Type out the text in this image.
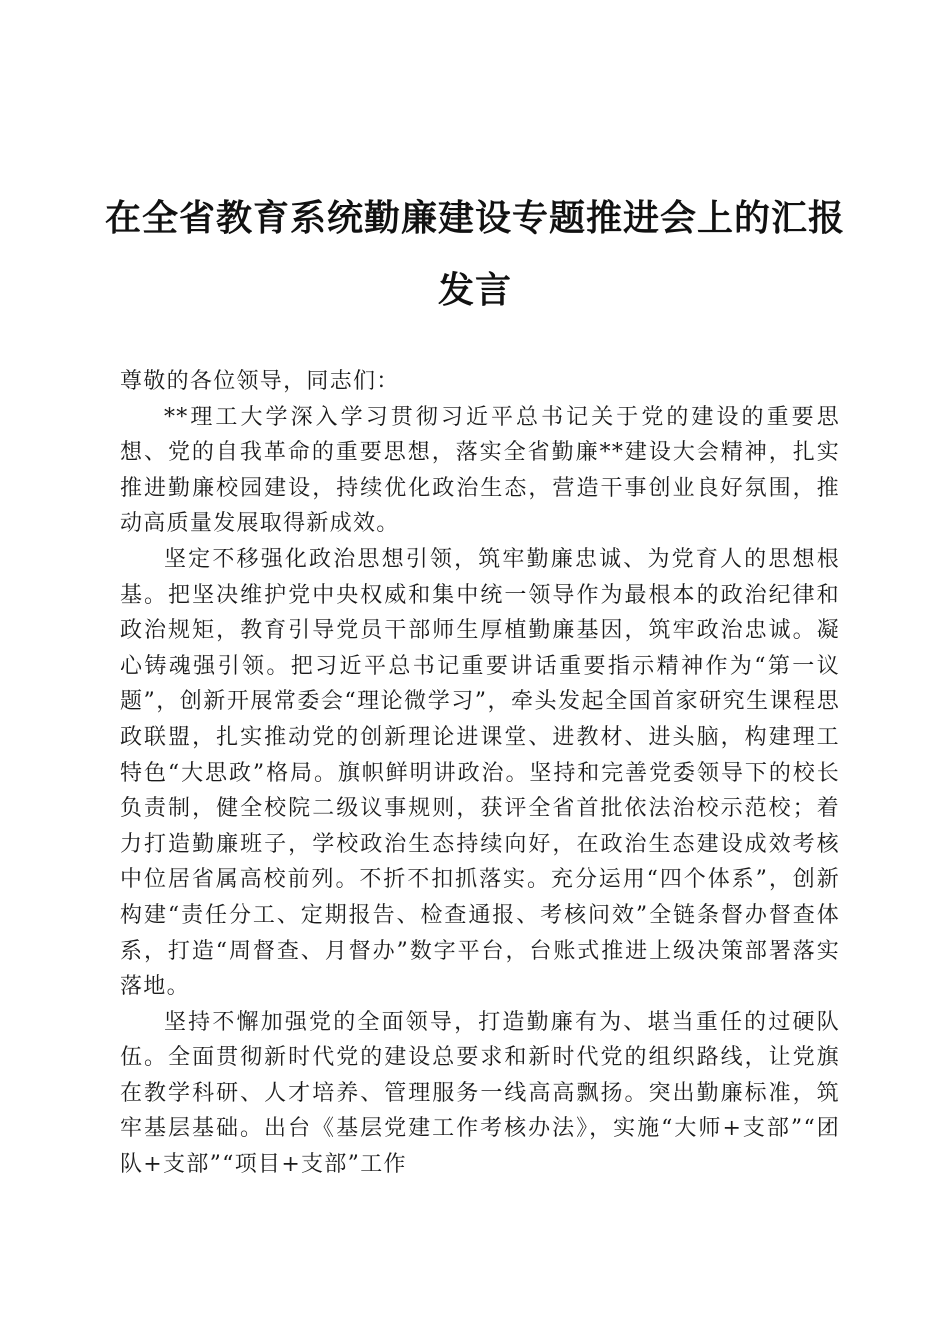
在全省教育系统勤廉建设专题推进会上的汇报
发言

尊敬的各位领导，同志们：

**理工大学深入学习贯彻习近平总书记关于党的建设的重要思想、党的自我革命的重要思想，落实全省勤廉**建设大会精神，扎实推进勤廉校园建设，持续优化政治生态，营造干事创业良好氛围，推动高质量发展取得新成效。

坚定不移强化政治思想引领，筑牢勤廉忠诚、为党育人的思想根基。把坚决维护党中央权威和集中统一领导作为最根本的政治纪律和政治规矩，教育引导党员干部师生厚植勤廉基因，筑牢政治忠诚。凝心铸魂强引领。把习近平总书记重要讲话重要指示精神作为“第一议题”，创新开展常委会“理论微学习”，牵头发起全国首家研究生课程思政联盟，扎实推动党的创新理论进课堂、进教材、进头脑，构建理工特色“大思政”格局。旗帜鲜明讲政治。坚持和完善党委领导下的校长负责制，健全校院二级议事规则，获评全省首批依法治校示范校；着力打造勤廉班子，学校政治生态持续向好，在政治生态建设成效考核中位居省属高校前列。不折不扣抓落实。充分运用“四个体系”，创新构建“责任分工、定期报告、检查通报、考核问效”全链条督办督查体系，打造“周督查、月督办”数字平台，台账式推进上级决策部署落实落地。

坚持不懈加强党的全面领导，打造勤廉有为、堪当重任的过硬队伍。全面贯彻新时代党的建设总要求和新时代党的组织路线，让党旗在教学科研、人才培养、管理服务一线高高飘扬。突出勤廉标准，筑牢基层基础。出台《基层党建工作考核办法》，实施“大师+支部”“团队+支部”“项目+支部”工作
